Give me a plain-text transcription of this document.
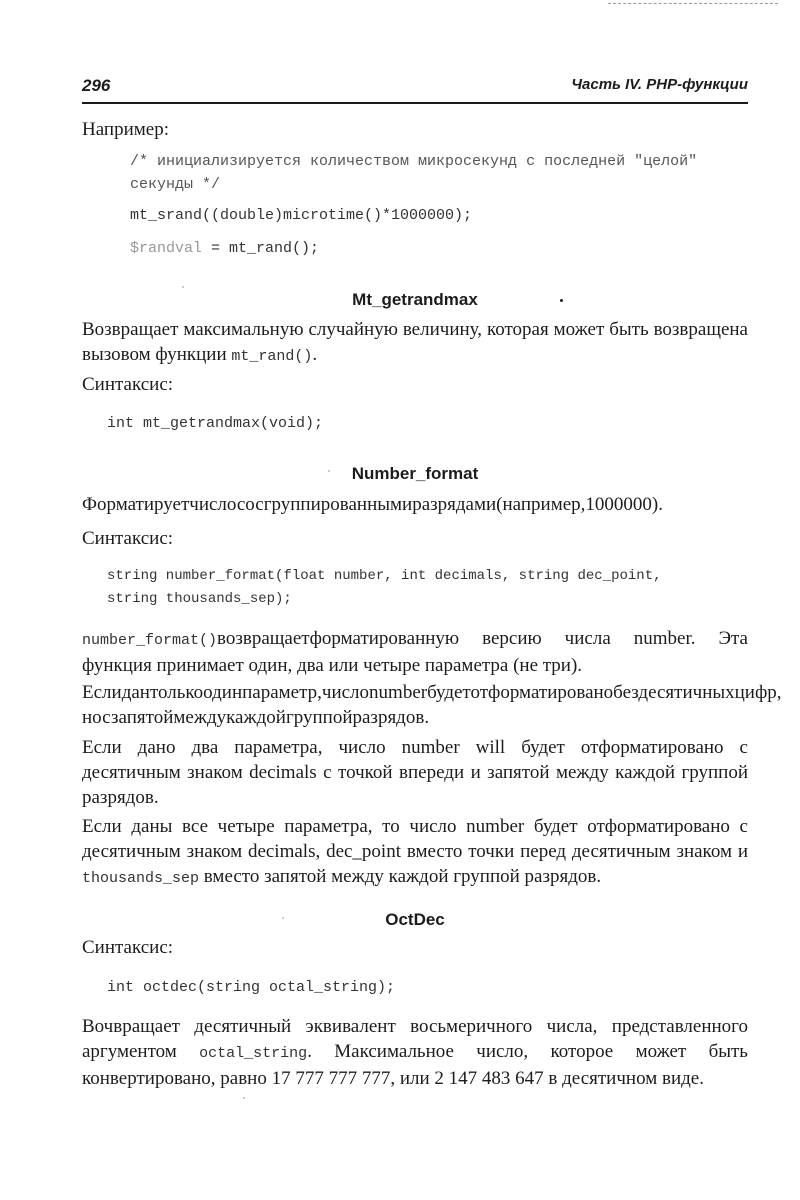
296	Часть IV. PHP-функции
Например:
/* инициализируется количеством микросекунд с последней "целой"
секунды */
mt_srand((double)microtime()*1000000);
$randval = mt_rand();
Mt_getrandmax
Возвращает максимальную случайную величину, которая может быть возвращена вызовом функции mt_rand().
Синтаксис:
int mt_getrandmax(void);
Number_format
Форматируетчислососгруппированнымиразрядами(например,1000000).
Синтаксис:
string number_format(float number, int decimals, string dec_point,
string thousands_sep);
number_format()возвращаетформатированную версию числа number. Эта функция принимает один, два или четыре параметра (не три).
Еслидантолькоодинпараметр,числоnumberбудетотформатированобездесятичныхцифр, носзапятоймеждукаждойгруппойразрядов.
Если дано два параметра, число number will будет отформатировано с десятичным знаком decimals с точкой впереди и запятой между каждой группой разрядов.
Если даны все четыре параметра, то число number будет отформатировано с десятичным знаком decimals, dec_point вместо точки перед десятичным знаком и thousands_sep вместо запятой между каждой группой разрядов.
OctDec
Синтаксис:
int octdec(string octal_string);
Вочвращает десятичный эквивалент восьмеричного числа, представленного аргументом octal_string. Максимальное число, которое может быть конвертировано, равно 17 777 777 777, или 2 147 483 647 в десятичном виде.
